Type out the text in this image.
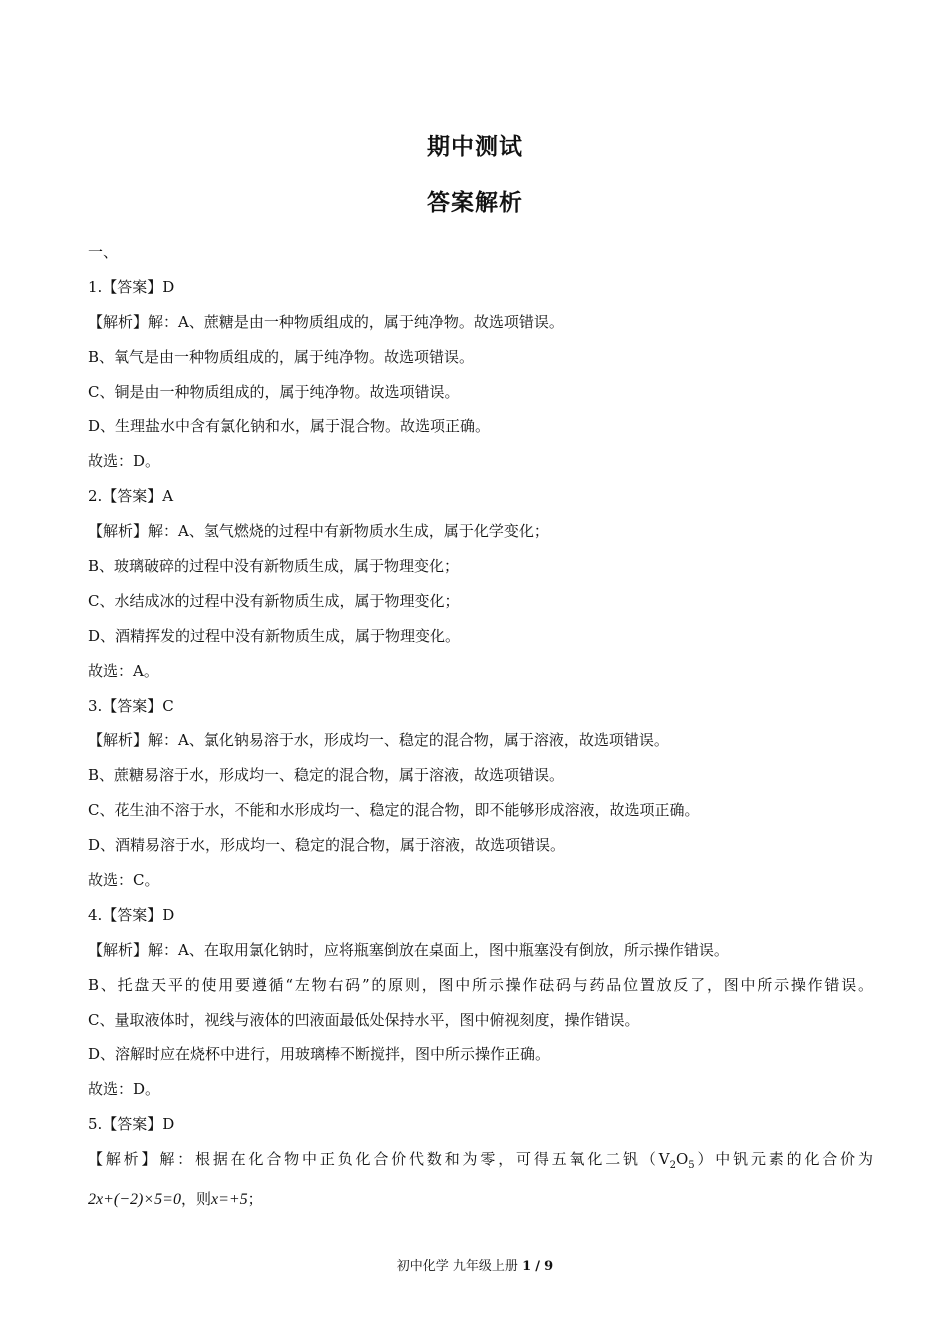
期中测试
答案解析
一、
1.【答案】D
【解析】解：A、蔗糖是由一种物质组成的，属于纯净物。故选项错误。
B、氧气是由一种物质组成的，属于纯净物。故选项错误。
C、铜是由一种物质组成的，属于纯净物。故选项错误。
D、生理盐水中含有氯化钠和水，属于混合物。故选项正确。
故选：D。
2.【答案】A
【解析】解：A、氢气燃烧的过程中有新物质水生成，属于化学变化；
B、玻璃破碎的过程中没有新物质生成，属于物理变化；
C、水结成冰的过程中没有新物质生成，属于物理变化；
D、酒精挥发的过程中没有新物质生成，属于物理变化。
故选：A。
3.【答案】C
【解析】解：A、氯化钠易溶于水，形成均一、稳定的混合物，属于溶液，故选项错误。
B、蔗糖易溶于水，形成均一、稳定的混合物，属于溶液，故选项错误。
C、花生油不溶于水，不能和水形成均一、稳定的混合物，即不能够形成溶液，故选项正确。
D、酒精易溶于水，形成均一、稳定的混合物，属于溶液，故选项错误。
故选：C。
4.【答案】D
【解析】解：A、在取用氯化钠时，应将瓶塞倒放在桌面上，图中瓶塞没有倒放，所示操作错误。
B、托盘天平的使用要遵循“左物右码”的原则，图中所示操作砝码与药品位置放反了，图中所示操作错误。
C、量取液体时，视线与液体的凹液面最低处保持水平，图中俯视刻度，操作错误。
D、溶解时应在烧杯中进行，用玻璃棒不断搅拌，图中所示操作正确。
故选：D。
5.【答案】D
【解析】解：根据在化合物中正负化合价代数和为零，可得五氧化二钒$(V_2O_5)$中钒元素的化合价为
2x+(−2)×5=0，则x=+5；
初中化学 九年级上册 1 / 9
